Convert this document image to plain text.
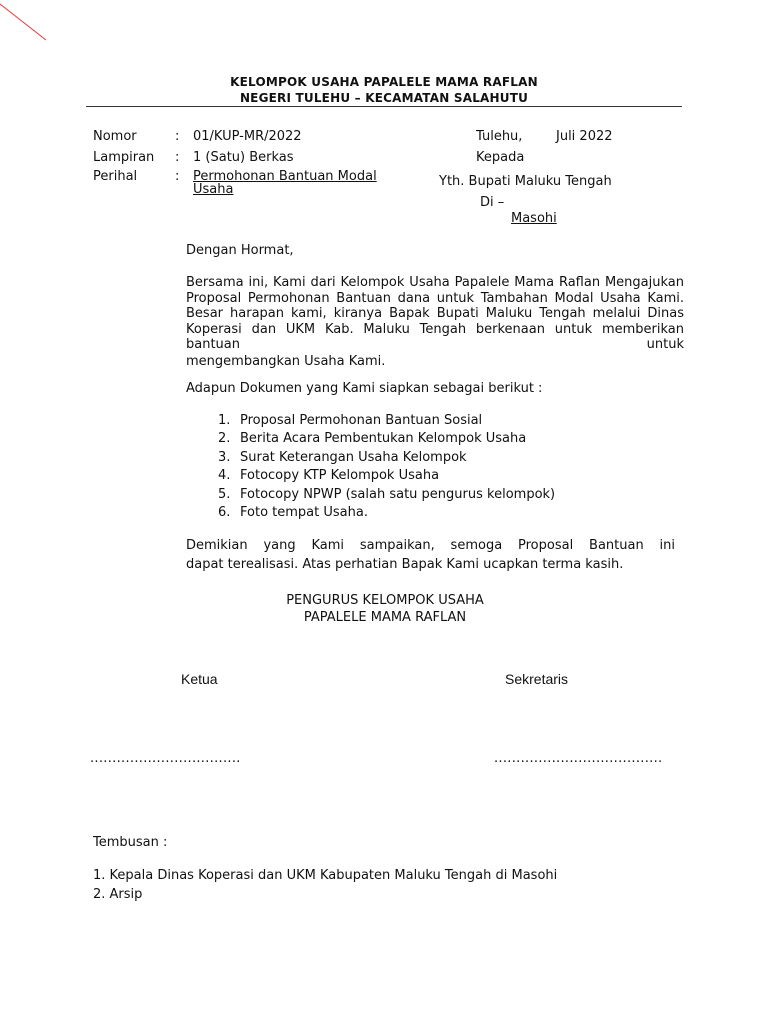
KELOMPOK USAHA PAPALELE MAMA RAFLAN
NEGERI TULEHU – KECAMATAN SALAHUTU
Nomor	: 01/KUP-MR/2022
Lampiran : 1 (Satu) Berkas
Perihal	: Permohonan Bantuan Modal
Usaha
Tulehu,	Juli 2022
Kepada
Yth. Bupati Maluku Tengah
Di –
Masohi
Dengan Hormat,
Bersama ini, Kami dari Kelompok Usaha Papalele Mama Raflan Mengajukan Proposal Permohonan Bantuan dana untuk Tambahan Modal Usaha Kami. Besar harapan kami, kiranya Bapak Bupati Maluku Tengah melalui Dinas Koperasi dan UKM Kab. Maluku Tengah berkenaan untuk memberikan bantuan untuk
mengembangkan Usaha Kami.
Adapun Dokumen yang Kami siapkan sebagai berikut :
1. Proposal Permohonan Bantuan Sosial
2. Berita Acara Pembentukan Kelompok Usaha
3. Surat Keterangan Usaha Kelompok
4. Fotocopy KTP Kelompok Usaha
5. Fotocopy NPWP (salah satu pengurus kelompok)
6. Foto tempat Usaha.
Demikian yang Kami sampaikan, semoga Proposal Bantuan ini
dapat terealisasi. Atas perhatian Bapak Kami ucapkan terma kasih.
PENGURUS KELOMPOK USAHA
PAPALELE MAMA RAFLAN
Ketua	Sekretaris
..................................	......................................
Tembusan :
1. Kepala Dinas Koperasi dan UKM Kabupaten Maluku Tengah di Masohi
2. Arsip
